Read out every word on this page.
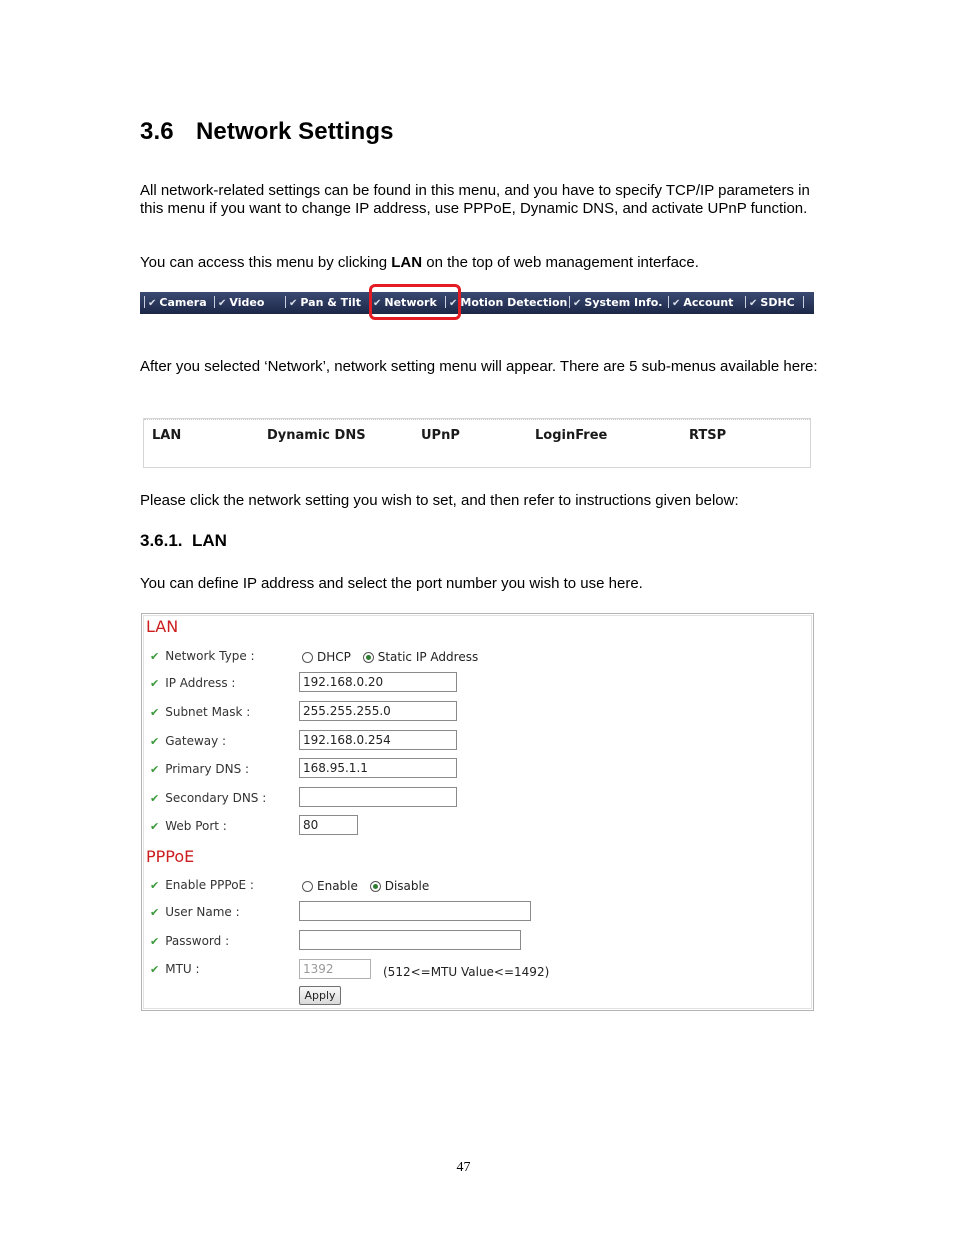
3.6 Network Settings

All network-related settings can be found in this menu, and you have to specify TCP/IP parameters in this menu if you want to change IP address, use PPPoE, Dynamic DNS, and activate UPnP function.

You can access this menu by clicking LAN on the top of web management interface.

✔ Camera	✔ Video	✔ Pan & Tilt	✔ Network	✔ Motion Detection ✔ System Info. ✔ Account	✔ SDHC

After you selected ‘Network’, network setting menu will appear. There are 5 sub-menus available here:

LAN	Dynamic DNS	UPnP	LoginFree	RTSP

Please click the network setting you wish to set, and then refer to instructions given below:

3.6.1. LAN

You can define IP address and select the port number you wish to use here.

LAN
✔ Network Type :	DHCP Static IP Address
✔ IP Address :	192.168.0.20
✔ Subnet Mask :	255.255.255.0
✔ Gateway :	192.168.0.254
✔ Primary DNS :	168.95.1.1
✔ Secondary DNS :
✔ Web Port :	80
PPPoE
✔ Enable PPPoE :	Enable Disable
✔ User Name :
✔ Password :
✔ MTU :	1392	(512<=MTU Value<=1492)
Apply
47
